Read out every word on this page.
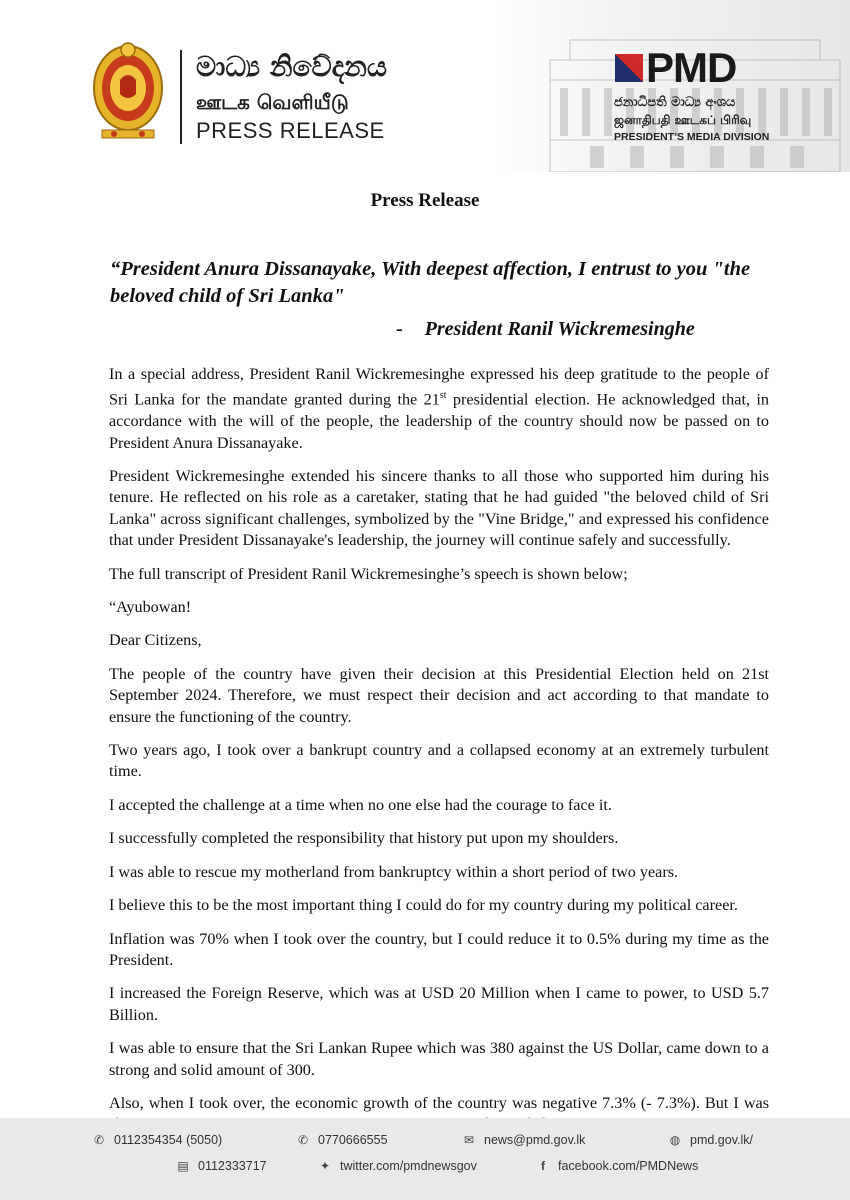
මාධ්‍ය නිවේදනය
ஊடக வெளியீடு
PRESS RELEASE
PMD
ජනාධිපති මාධ්‍ය අංශය
ஜனாதிபதி ஊடகப் பிரிவு
PRESIDENT’S MEDIA DIVISION
Press Release
“President Anura Dissanayake, With deepest affection, I entrust to you "the beloved child of Sri Lanka"
- President Ranil Wickremesinghe

In a special address, President Ranil Wickremesinghe expressed his deep gratitude to the people of Sri Lanka for the mandate granted during the 21st presidential election. He acknowledged that, in accordance with the will of the people, the leadership of the country should now be passed on to President Anura Dissanayake.

President Wickremesinghe extended his sincere thanks to all those who supported him during his tenure. He reflected on his role as a caretaker, stating that he had guided "the beloved child of Sri Lanka" across significant challenges, symbolized by the "Vine Bridge," and expressed his confidence that under President Dissanayake's leadership, the journey will continue safely and successfully.

The full transcript of President Ranil Wickremesinghe’s speech is shown below;

“Ayubowan!

Dear Citizens,

The people of the country have given their decision at this Presidential Election held on 21st September 2024. Therefore, we must respect their decision and act according to that mandate to ensure the functioning of the country.

Two years ago, I took over a bankrupt country and a collapsed economy at an extremely turbulent time.

I accepted the challenge at a time when no one else had the courage to face it.

I successfully completed the responsibility that history put upon my shoulders.

I was able to rescue my motherland from bankruptcy within a short period of two years.

I believe this to be the most important thing I could do for my country during my political career.

Inflation was 70% when I took over the country, but I could reduce it to 0.5% during my time as the President.

I increased the Foreign Reserve, which was at USD 20 Million when I came to power, to USD 5.7 Billion.

I was able to ensure that the Sri Lankan Rupee which was 380 against the US Dollar, came down to a strong and solid amount of 300.

Also, when I took over, the economic growth of the country was negative 7.3% (- 7.3%). But I was

✆ 0112354354 (5050)	✆ 0770666555	✉ news@pmd.gov.lk	◍ pmd.gov.lk/
▤ 0112333717	✦ twitter.com/pmdnewsgov	f	facebook.com/PMDNews
